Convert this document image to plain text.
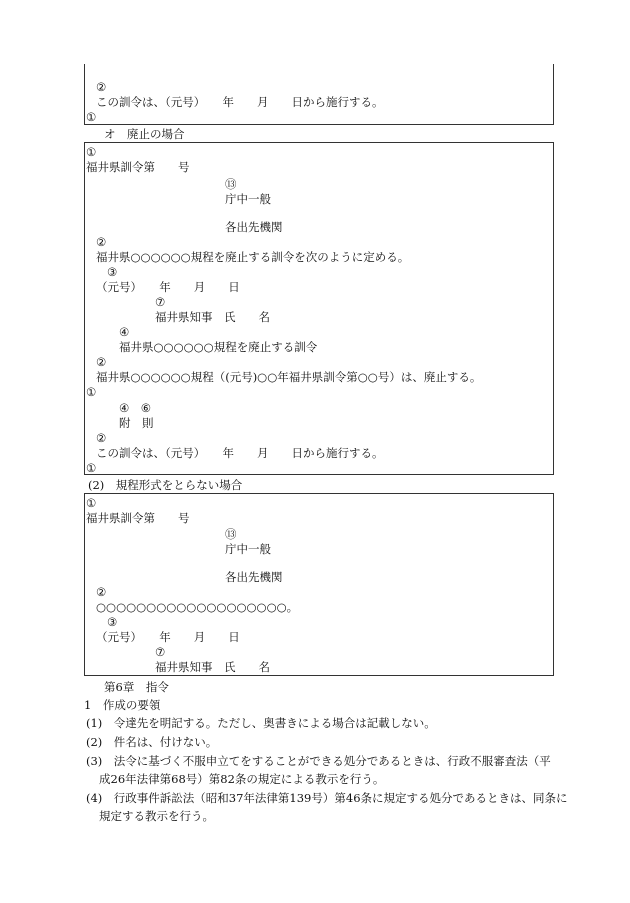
②
この訓令は、（元号）　　年　　月　　日から施行する。
①
オ　廃止の場合
①
福井県訓令第　　号
⑬
庁中一般
各出先機関
②
福井県○○○○○○規程を廃止する訓令を次のように定める。
③
（元号）　　年　　月　　日
⑦
福井県知事　氏　　名
④
福井県○○○○○○規程を廃止する訓令
②
福井県○○○○○○規程（(元号)○○年福井県訓令第○○号）は、廃止する。
①
④　⑥
附　則
②
この訓令は、（元号）　　年　　月　　日から施行する。
①
(2)　規程形式をとらない場合
①
福井県訓令第　　号
⑬
庁中一般
各出先機関
②
○○○○○○○○○○○○○○○○○○○。
③
（元号）　　年　　月　　日
⑦
福井県知事　氏　　名
第6章　指令
1　作成の要領
(1)　令達先を明記する。ただし、奥書きによる場合は記載しない。
(2)　件名は、付けない。
(3)　法令に基づく不服申立てをすることができる処分であるときは、行政不服審査法（平
成26年法律第68号）第82条の規定による教示を行う。
(4)　行政事件訴訟法（昭和37年法律第139号）第46条に規定する処分であるときは、同条に
規定する教示を行う。
